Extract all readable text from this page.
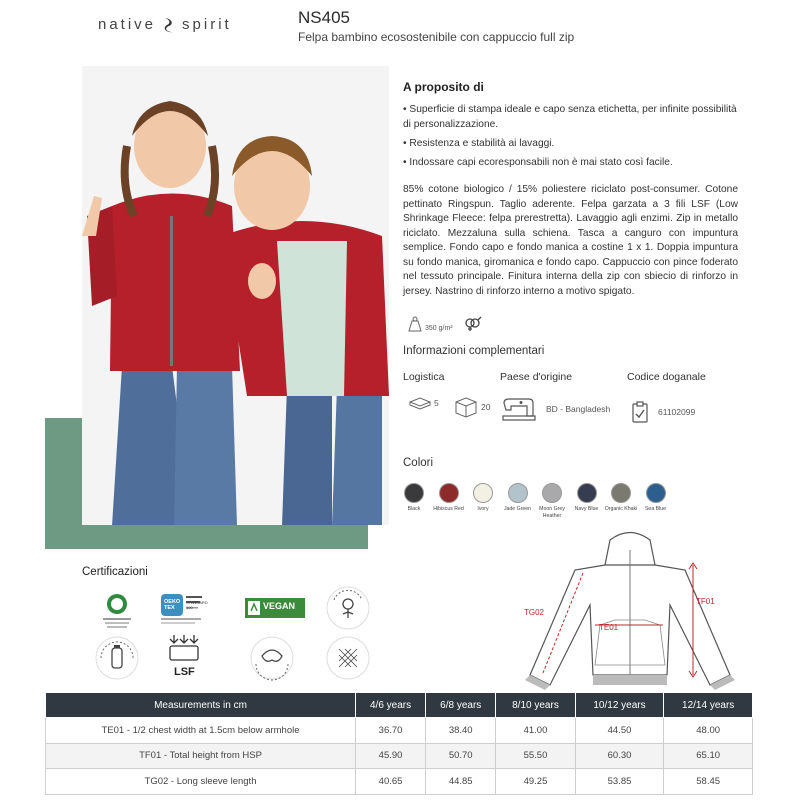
native spirit	NS405
Felpa bambino ecosostenibile con cappuccio full zip
A proposito di
• Superficie di stampa ideale e capo senza etichetta, per infinite possibilità di personalizzazione.
• Resistenza e stabilità ai lavaggi.
• Indossare capi ecoresponsabili non è mai stato così facile.
85% cotone biologico / 15% poliestere riciclato post-consumer. Cotone pettinato Ringspun. Taglio aderente. Felpa garzata a 3 fili LSF (Low Shrinkage Fleece: felpa prerestretta). Lavaggio agli enzimi. Zip in metallo riciclato. Mezzaluna sulla schiena. Tasca a canguro con impuntura semplice. Fondo capo e fondo manica a costine 1 x 1. Doppia impuntura su fondo manica, giromanica e fondo capo. Cappuccio con pince foderato nel tessuto principale. Finitura interna della zip con sbiecio di rinforzo in jersey. Nastrino di rinforzo interno a motivo spigato.
350 g/m²
Informazioni complementari
Logistica	Paese d'origine	Codice doganale
5	20	BD - Bangladesh	61102099
Colori
Black	Hibiscus Red	Ivory	Jade Green	Moon Grey Heather
Navy Blue	Organic Khaki	Sea Blue
Certificazioni
OEKO TEX
STANDARD 100	VEGAN
LSF
TG02
TE01
TF01
Measurements in cm	4/6 years	6/8 years	8/10 years	10/12 years	12/14 years
TE01 - 1/2 chest width at 1.5cm below armhole	36.70	38.40	41.00	44.50	48.00
TF01 - Total height from HSP	45.90	50.70	55.50	60.30	65.10
TG02 - Long sleeve length	40.65	44.85	49.25	53.85	58.45
